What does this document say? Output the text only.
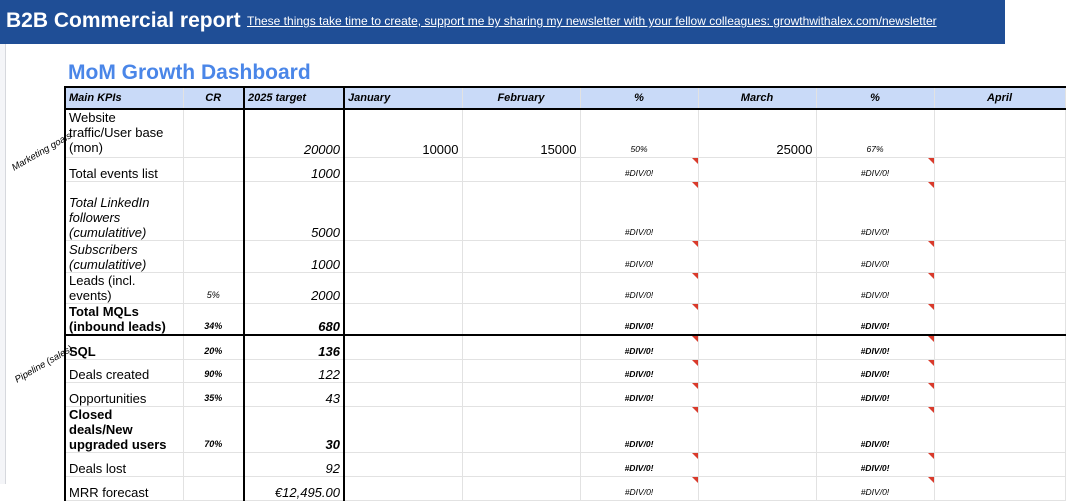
B2B Commercial report These things take time to create, support me by sharing my newsletter with your fellow colleagues: growthwithalex.com/newsletter
MoM Growth Dashboard
Marketing goals
Pipeline (sales)
Main KPIs	CR	2025 target	January	February	%	March	%	April
Website traffic/User base (mon)		20000	10000	15000	50%	25000	67%	
Total events list		1000			#DIV/0!		#DIV/0!	
Total LinkedIn followers (cumulatitive)		5000			#DIV/0!		#DIV/0!	
Subscribers (cumulatitive)		1000			#DIV/0!		#DIV/0!	
Leads (incl. events)	5%	2000			#DIV/0!		#DIV/0!	
Total MQLs (inbound leads)	34%	680			#DIV/0!		#DIV/0!	
SQL	20%	136			#DIV/0!		#DIV/0!	
Deals created	90%	122			#DIV/0!		#DIV/0!	
Opportunities	35%	43			#DIV/0!		#DIV/0!	
Closed deals/New upgraded users	70%	30			#DIV/0!		#DIV/0!	
Deals lost		92			#DIV/0!		#DIV/0!	
MRR forecast		€12,495.00			#DIV/0!		#DIV/0!	
